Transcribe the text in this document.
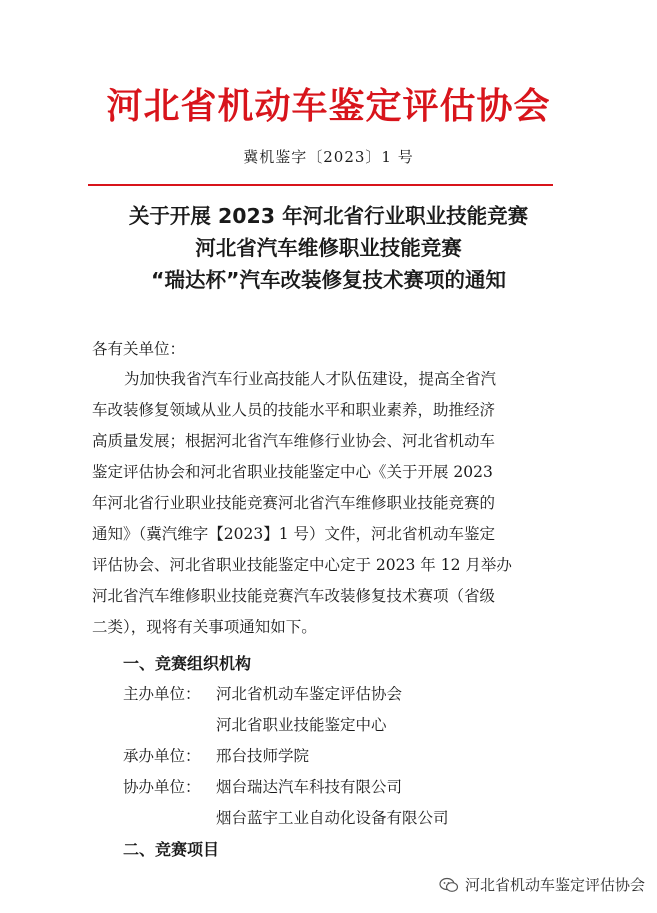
河北省机动车鉴定评估协会
冀机鉴字〔2023〕1 号
关于开展 2023 年河北省行业职业技能竞赛
河北省汽车维修职业技能竞赛
“瑞达杯”汽车改装修复技术赛项的通知
各有关单位：
为加快我省汽车行业高技能人才队伍建设，提高全省汽
车改装修复领域从业人员的技能水平和职业素养，助推经济
高质量发展；根据河北省汽车维修行业协会、河北省机动车
鉴定评估协会和河北省职业技能鉴定中心《关于开展 2023
年河北省行业职业技能竞赛河北省汽车维修职业技能竞赛的
通知》（冀汽维字【2023】1 号）文件，河北省机动车鉴定
评估协会、河北省职业技能鉴定中心定于 2023 年 12 月举办
河北省汽车维修职业技能竞赛汽车改装修复技术赛项（省级
二类），现将有关事项通知如下。
一、竞赛组织机构
主办单位： 河北省机动车鉴定评估协会
河北省职业技能鉴定中心
承办单位： 邢台技师学院
协办单位： 烟台瑞达汽车科技有限公司
烟台蓝宇工业自动化设备有限公司
二、竞赛项目
河北省机动车鉴定评估协会
